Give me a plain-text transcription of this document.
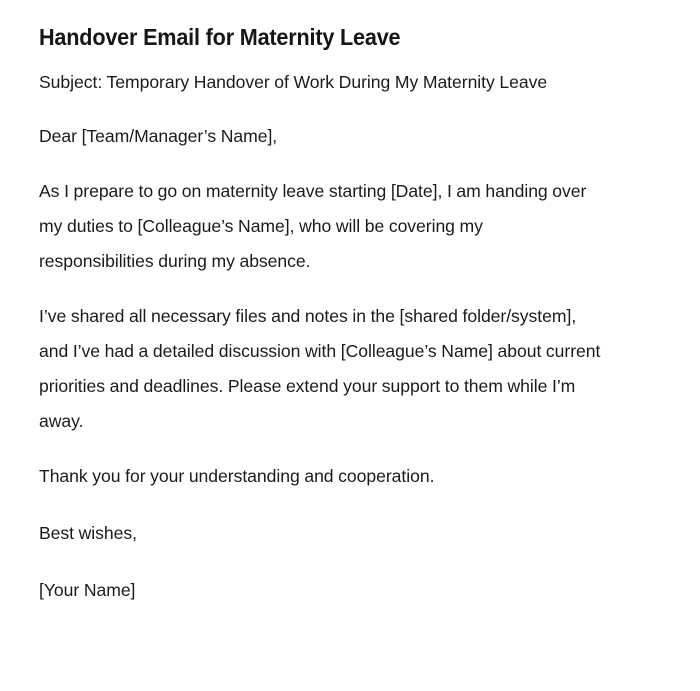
Handover Email for Maternity Leave

Subject: Temporary Handover of Work During My Maternity Leave

Dear [Team/Manager’s Name],

As I prepare to go on maternity leave starting [Date], I am handing over my duties to [Colleague’s Name], who will be covering my responsibilities during my absence.

I’ve shared all necessary files and notes in the [shared folder/system], and I’ve had a detailed discussion with [Colleague’s Name] about current priorities and deadlines. Please extend your support to them while I’m away.

Thank you for your understanding and cooperation.

Best wishes,

[Your Name]
